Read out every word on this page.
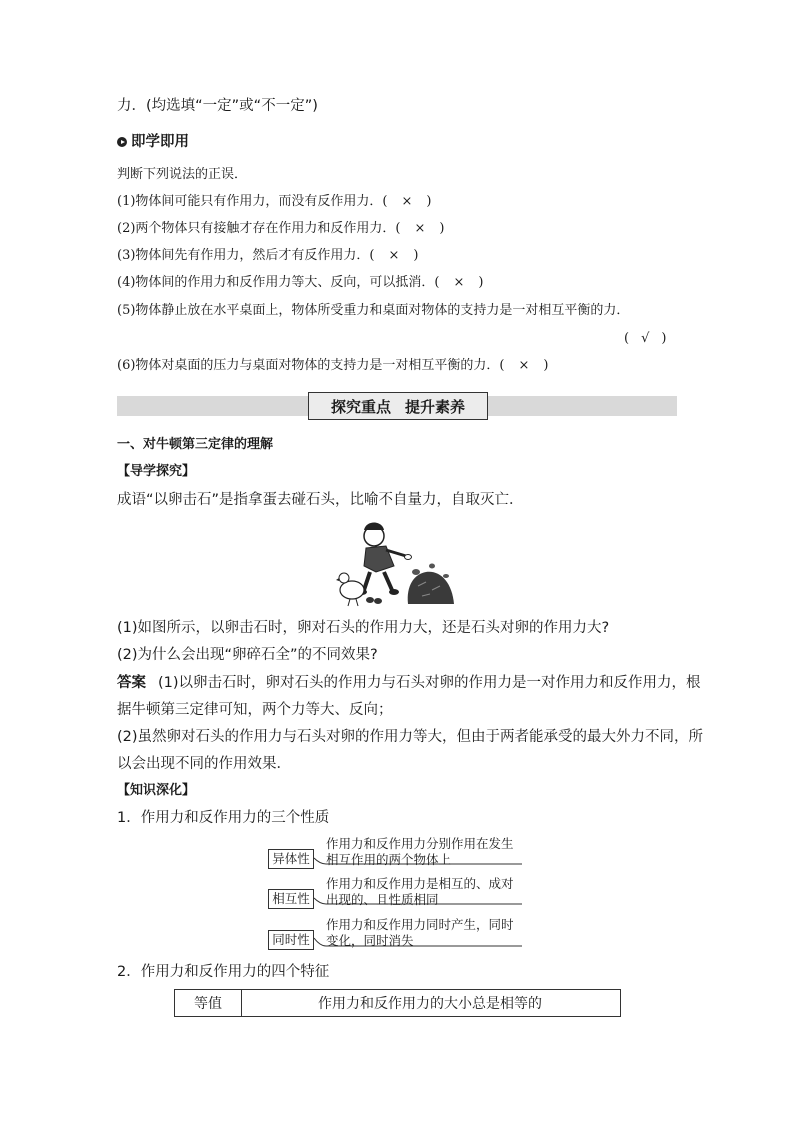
力．(均选填“一定”或“不一定”)
即学即用
判断下列说法的正误．
(1)物体间可能只有作用力，而没有反作用力．( × )
(2)两个物体只有接触才存在作用力和反作用力．( × )
(3)物体间先有作用力，然后才有反作用力．( × )
(4)物体间的作用力和反作用力等大、反向，可以抵消．( × )
(5)物体静止放在水平桌面上，物体所受重力和桌面对物体的支持力是一对相互平衡的力．
( √ )
(6)物体对桌面的压力与桌面对物体的支持力是一对相互平衡的力．( × )
探究重点 提升素养
一、对牛顿第三定律的理解
【导学探究】
成语“以卵击石”是指拿蛋去碰石头，比喻不自量力，自取灭亡．
(1)如图所示，以卵击石时，卵对石头的作用力大，还是石头对卵的作用力大?
(2)为什么会出现“卵碎石全”的不同效果?
答案 (1)以卵击石时，卵对石头的作用力与石头对卵的作用力是一对作用力和反作用力，根
据牛顿第三定律可知，两个力等大、反向；
(2)虽然卵对石头的作用力与石头对卵的作用力等大，但由于两者能承受的最大外力不同，所
以会出现不同的作用效果．
【知识深化】
1．作用力和反作用力的三个性质
异体性
作用力和反作用力分别作用在发生
相互作用的两个物体上
相互性
作用力和反作用力是相互的、成对
出现的、且性质相同
同时性
作用力和反作用力同时产生，同时
变化，同时消失
2．作用力和反作用力的四个特征
等值	作用力和反作用力的大小总是相等的
